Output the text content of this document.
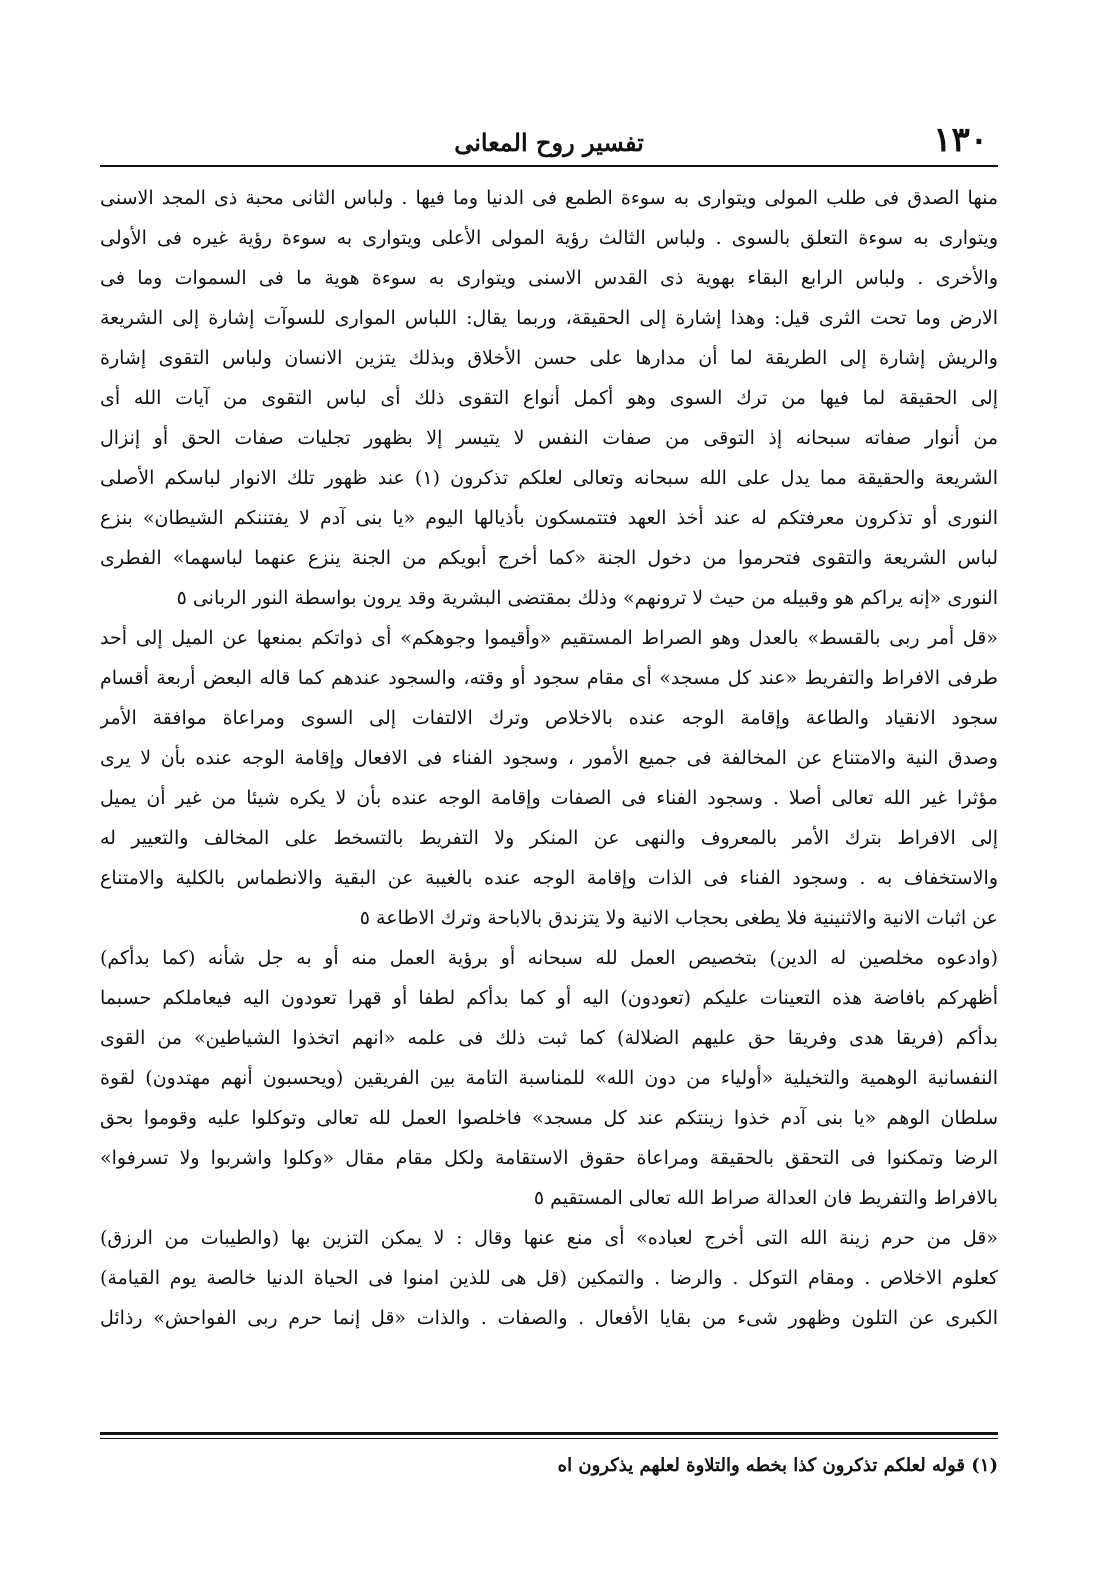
١٣٠
تفسير روح المعانى
منها الصدق فى طلب المولى ويتوارى به سوءة الطمع فى الدنيا وما فيها . ولباس الثانى محبة ذى المجد الاسنى
ويتوارى به سوءة التعلق بالسوى . ولباس الثالث رؤية المولى الأعلى ويتوارى به سوءة رؤية غيره فى الأولى
والأخرى . ولباس الرابع البقاء بهوية ذى القدس الاسنى ويتوارى به سوءة هوية ما فى السموات وما فى
الارض وما تحت الثرى قيل: وهذا إشارة إلى الحقيقة، وربما يقال: اللباس الموارى للسوآت إشارة إلى الشريعة
والريش إشارة إلى الطريقة لما أن مدارها على حسن الأخلاق وبذلك يتزين الانسان ولباس التقوى إشارة
إلى الحقيقة لما فيها من ترك السوى وهو أكمل أنواع التقوى ذلك أى لباس التقوى من آيات الله أى
من أنوار صفاته سبحانه إذ التوقى من صفات النفس لا يتيسر إلا بظهور تجليات صفات الحق أو إنزال
الشريعة والحقيقة مما يدل على الله سبحانه وتعالى لعلكم تذكرون (١) عند ظهور تلك الانوار لباسكم الأصلى
النورى أو تذكرون معرفتكم له عند أخذ العهد فتتمسكون بأذيالها اليوم «يا بنى آدم لا يفتننكم الشيطان» بنزع
لباس الشريعة والتقوى فتحرموا من دخول الجنة «كما أخرج أبويكم من الجنة ينزع عنهما لباسهما» الفطرى
النورى «إنه يراكم هو وقبيله من حيث لا ترونهم» وذلك بمقتضى البشرية وقد يرون بواسطة النور الربانى ٥
«قل أمر ربى بالقسط» بالعدل وهو الصراط المستقيم «وأقيموا وجوهكم» أى ذواتكم بمنعها عن الميل إلى أحد
طرفى الافراط والتفريط «عند كل مسجد» أى مقام سجود أو وقته، والسجود عندهم كما قاله البعض أربعة أقسام
سجود الانقياد والطاعة وإقامة الوجه عنده بالاخلاص وترك الالتفات إلى السوى ومراعاة موافقة الأمر
وصدق النية والامتناع عن المخالفة فى جميع الأمور ، وسجود الفناء فى الافعال وإقامة الوجه عنده بأن لا يرى
مؤثرا غير الله تعالى أصلا . وسجود الفناء فى الصفات وإقامة الوجه عنده بأن لا يكره شيئا من غير أن يميل
إلى الافراط بترك الأمر بالمعروف والنهى عن المنكر ولا التفريط بالتسخط على المخالف والتعيير له
والاستخفاف به . وسجود الفناء فى الذات وإقامة الوجه عنده بالغيبة عن البقية والانطماس بالكلية والامتناع
عن اثبات الانية والاثنينية فلا يطغى بحجاب الانية ولا يتزندق بالاباحة وترك الاطاعة ٥
(وادعوه مخلصين له الدين) بتخصيص العمل لله سبحانه أو برؤية العمل منه أو به جل شأنه (كما بدأكم)
أظهركم بافاضة هذه التعينات عليكم (تعودون) اليه أو كما بدأكم لطفا أو قهرا تعودون اليه فيعاملكم حسبما
بدأكم (فريقا هدى وفريقا حق عليهم الضلالة) كما ثبت ذلك فى علمه «انهم اتخذوا الشياطين» من القوى
النفسانية الوهمية والتخيلية «أولياء من دون الله» للمناسبة التامة بين الفريقين (ويحسبون أنهم مهتدون) لقوة
سلطان الوهم «يا بنى آدم خذوا زينتكم عند كل مسجد» فاخلصوا العمل لله تعالى وتوكلوا عليه وقوموا بحق
الرضا وتمكنوا فى التحقق بالحقيقة ومراعاة حقوق الاستقامة ولكل مقام مقال «وكلوا واشربوا ولا تسرفوا»
بالافراط والتفريط فان العدالة صراط الله تعالى المستقيم ٥
«قل من حرم زينة الله التى أخرج لعباده» أى منع عنها وقال : لا يمكن التزين بها (والطيبات من الرزق)
كعلوم الاخلاص . ومقام التوكل . والرضا . والتمكين (قل هى للذين امنوا فى الحياة الدنيا خالصة يوم القيامة)
الكبرى عن التلون وظهور شىء من بقايا الأفعال . والصفات . والذات «قل إنما حرم ربى الفواحش» رذائل
(١) قوله لعلكم تذكرون كذا بخطه والتلاوة لعلهم يذكرون اه
